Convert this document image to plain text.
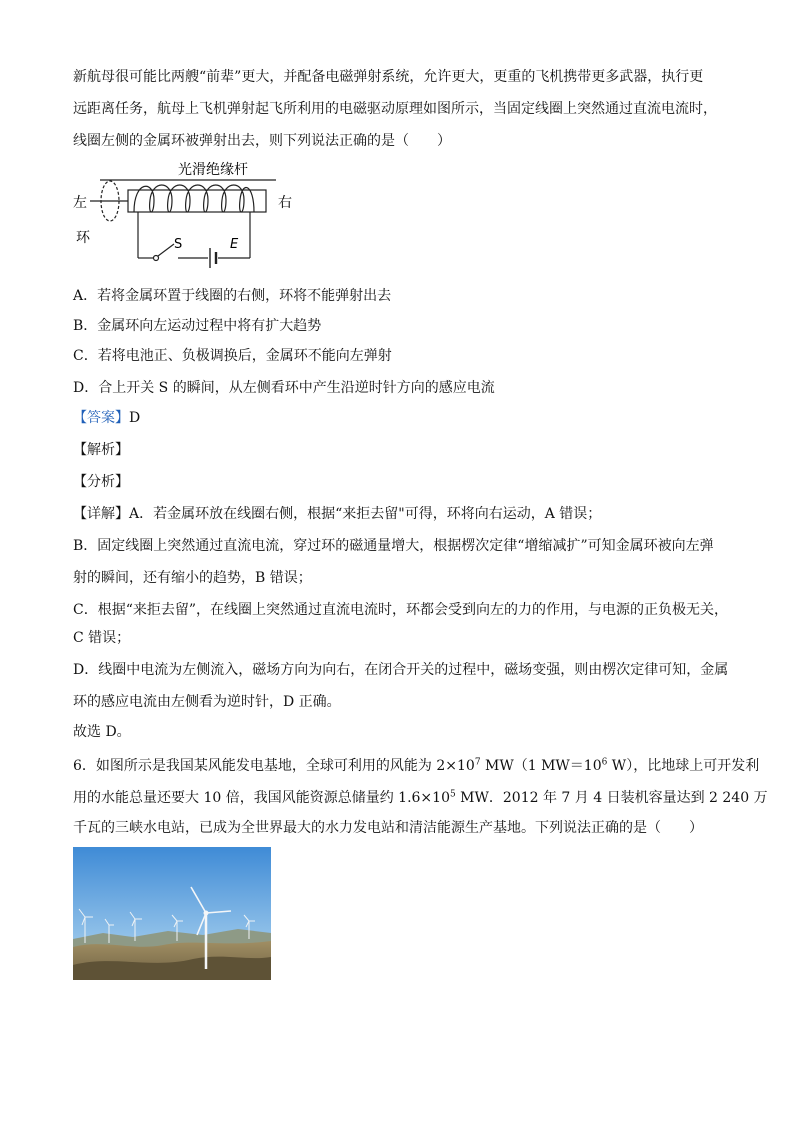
新航母很可能比两艘“前辈”更大，并配备电磁弹射系统，允许更大，更重的飞机携带更多武器，执行更
远距离任务，航母上飞机弹射起飞所利用的电磁驱动原理如图所示，当固定线圈上突然通过直流电流时，
线圈左侧的金属环被弹射出去，则下列说法正确的是（　　）
光滑绝缘杆
左	右
环	S	E
A．若将金属环置于线圈的右侧，环将不能弹射出去
B．金属环向左运动过程中将有扩大趋势
C．若将电池正、负极调换后，金属环不能向左弹射
D．合上开关 S 的瞬间，从左侧看环中产生沿逆时针方向的感应电流
【答案】D
【解析】
【分析】
【详解】A．若金属环放在线圈右侧，根据“来拒去留"可得，环将向右运动，A 错误；
B．固定线圈上突然通过直流电流，穿过环的磁通量增大，根据楞次定律“增缩减扩”可知金属环被向左弹
射的瞬间，还有缩小的趋势，B 错误；
C．根据“来拒去留”，在线圈上突然通过直流电流时，环都会受到向左的力的作用，与电源的正负极无关，
C 错误；
D．线圈中电流为左侧流入，磁场方向为向右，在闭合开关的过程中，磁场变强，则由楞次定律可知，金属
环的感应电流由左侧看为逆时针，D 正确。
故选 D。
6．如图所示是我国某风能发电基地，全球可利用的风能为 $2\times 10^7$ MW（1 $MW=10^6$ W），比地球上可开发利
用的水能总量还要大 10 倍，我国风能资源总储量约 $1.6\times 10^5$ MW．2012 年 7 月 4 日装机容量达到 2 240 万
千瓦的三峡水电站，已成为全世界最大的水力发电站和清洁能源生产基地。下列说法正确的是（　　）
